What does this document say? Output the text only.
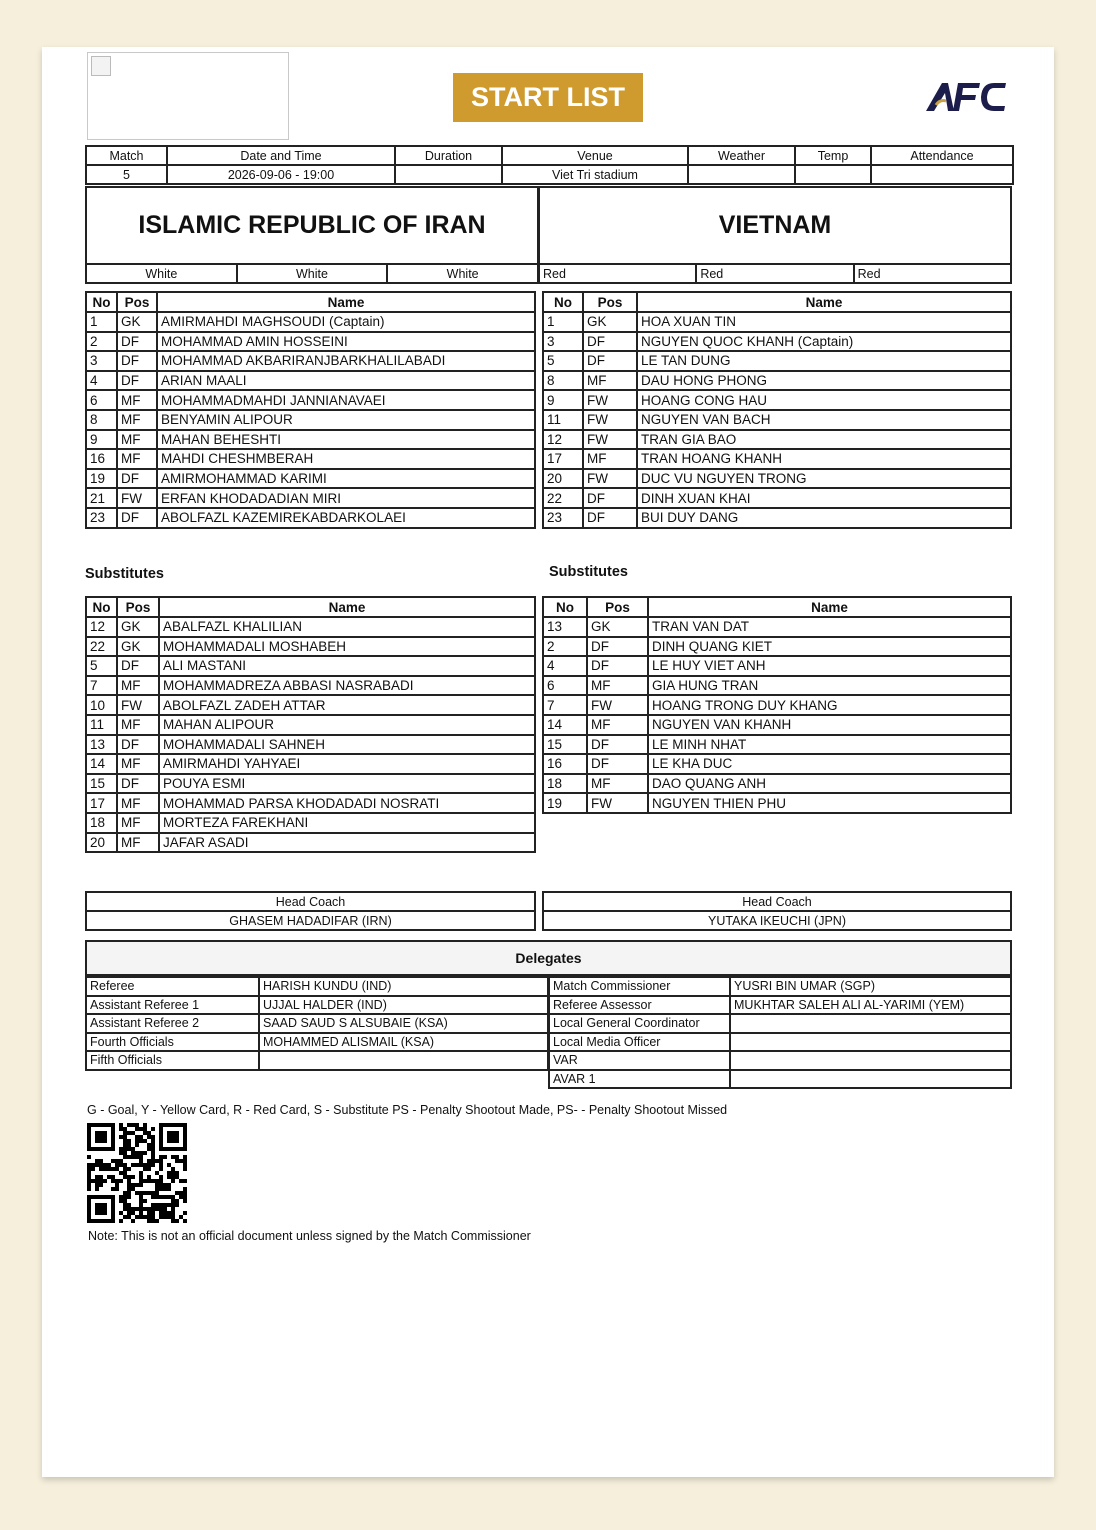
START LIST
Match	Date and Time	Duration	Venue	Weather	Temp	Attendance
5	2026-09-06 - 19:00		Viet Tri stadium			
ISLAMIC REPUBLIC OF IRAN	VIETNAM
White	White	White	Red	Red	Red
No	Pos	Name
1	GK	AMIRMAHDI MAGHSOUDI (Captain)
2	DF	MOHAMMAD AMIN HOSSEINI
3	DF	MOHAMMAD AKBARIRANJBARKHALILABADI
4	DF	ARIAN MAALI
6	MF	MOHAMMADMAHDI JANNIANAVAEI
8	MF	BENYAMIN ALIPOUR
9	MF	MAHAN BEHESHTI
16	MF	MAHDI CHESHMBERAH
19	DF	AMIRMOHAMMAD KARIMI
21	FW	ERFAN KHODADADIAN MIRI
23	DF	ABOLFAZL KAZEMIREKABDARKOLAEI
No	Pos	Name
1	GK	HOA XUAN TIN
3	DF	NGUYEN QUOC KHANH (Captain)
5	DF	LE TAN DUNG
8	MF	DAU HONG PHONG
9	FW	HOANG CONG HAU
11	FW	NGUYEN VAN BACH
12	FW	TRAN GIA BAO
17	MF	TRAN HOANG KHANH
20	FW	DUC VU NGUYEN TRONG
22	DF	DINH XUAN KHAI
23	DF	BUI DUY DANG
Substitutes	Substitutes
No	Pos	Name
12	GK	ABALFAZL KHALILIAN
22	GK	MOHAMMADALI MOSHABEH
5	DF	ALI MASTANI
7	MF	MOHAMMADREZA ABBASI NASRABADI
10	FW	ABOLFAZL ZADEH ATTAR
11	MF	MAHAN ALIPOUR
13	DF	MOHAMMADALI SAHNEH
14	MF	AMIRMAHDI YAHYAEI
15	DF	POUYA ESMI
17	MF	MOHAMMAD PARSA KHODADADI NOSRATI
18	MF	MORTEZA FAREKHANI
20	MF	JAFAR ASADI
No	Pos	Name
13	GK	TRAN VAN DAT
2	DF	DINH QUANG KIET
4	DF	LE HUY VIET ANH
6	MF	GIA HUNG TRAN
7	FW	HOANG TRONG DUY KHANG
14	MF	NGUYEN VAN KHANH
15	DF	LE MINH NHAT
16	DF	LE KHA DUC
18	MF	DAO QUANG ANH
19	FW	NGUYEN THIEN PHU
Head Coach
GHASEM HADADIFAR (IRN)
Head Coach
YUTAKA IKEUCHI (JPN)
Delegates
Referee	HARISH KUNDU (IND)
Assistant Referee 1	UJJAL HALDER (IND)
Assistant Referee 2	SAAD SAUD S ALSUBAIE (KSA)
Fourth Officials	MOHAMMED ALISMAIL (KSA)
Fifth Officials	
Match Commissioner	YUSRI BIN UMAR (SGP)
Referee Assessor	MUKHTAR SALEH ALI AL-YARIMI (YEM)
Local General Coordinator	
Local Media Officer	
VAR	
AVAR 1	
G - Goal, Y - Yellow Card, R - Red Card, S - Substitute PS - Penalty Shootout Made, PS- - Penalty Shootout Missed
Note: This is not an official document unless signed by the Match Commissioner
